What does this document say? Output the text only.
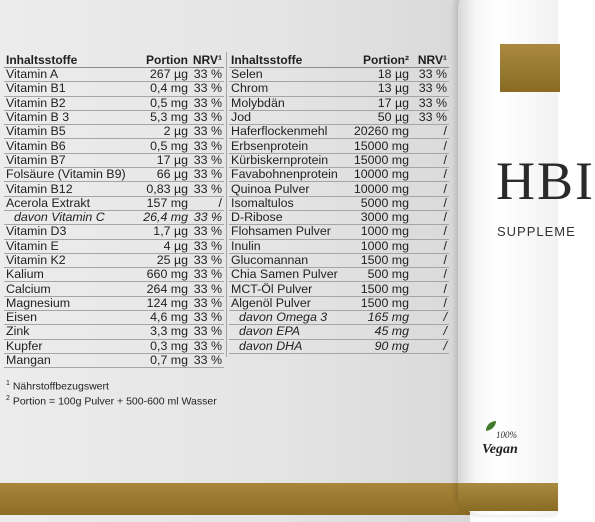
Inhaltsstoffe	Portion	NRV¹
Vitamin A	267 µg	33 %
Vitamin B1	0,4 mg	33 %
Vitamin B2	0,5 mg	33 %
Vitamin B 3	5,3 mg	33 %
Vitamin B5	2 µg	33 %
Vitamin B6	0,5 mg	33 %
Vitamin B7	17 µg	33 %
Folsäure (Vitamin B9)	66 µg	33 %
Vitamin B12	0,83 µg	33 %
Acerola Extrakt	157 mg	/
davon Vitamin C	26,4 mg	33 %
Vitamin D3	1,7 µg	33 %
Vitamin E	4 µg	33 %
Vitamin K2	25 µg	33 %
Kalium	660 mg	33 %
Calcium	264 mg	33 %
Magnesium	124 mg	33 %
Eisen	4,6 mg	33 %
Zink	3,3 mg	33 %
Kupfer	0,3 mg	33 %
Mangan	0,7 mg	33 %
Inhaltsstoffe	Portion²	NRV¹
Selen	18 µg	33 %
Chrom	13 µg	33 %
Molybdän	17 µg	33 %
Jod	50 µg	33 %
Haferflockenmehl	20260 mg	/
Erbsenprotein	15000 mg	/
Kürbiskernprotein	15000 mg	/
Favabohnenprotein	10000 mg	/
Quinoa Pulver	10000 mg	/
Isomaltulos	5000 mg	/
D-Ribose	3000 mg	/
Flohsamen Pulver	1000 mg	/
Inulin	1000 mg	/
Glucomannan	1500 mg	/
Chia Samen Pulver	500 mg	/
MCT-Öl Pulver	1500 mg	/
Algenöl Pulver	1500 mg	/
davon Omega 3	165 mg	/
davon EPA	45 mg	/
davon DHA	90 mg	/
$^1$ Nährstoffbezugswert
$^2$ Portion = 100g Pulver + 500-600 ml Wasser
HBI
SUPPLEME
100%
Vegan
